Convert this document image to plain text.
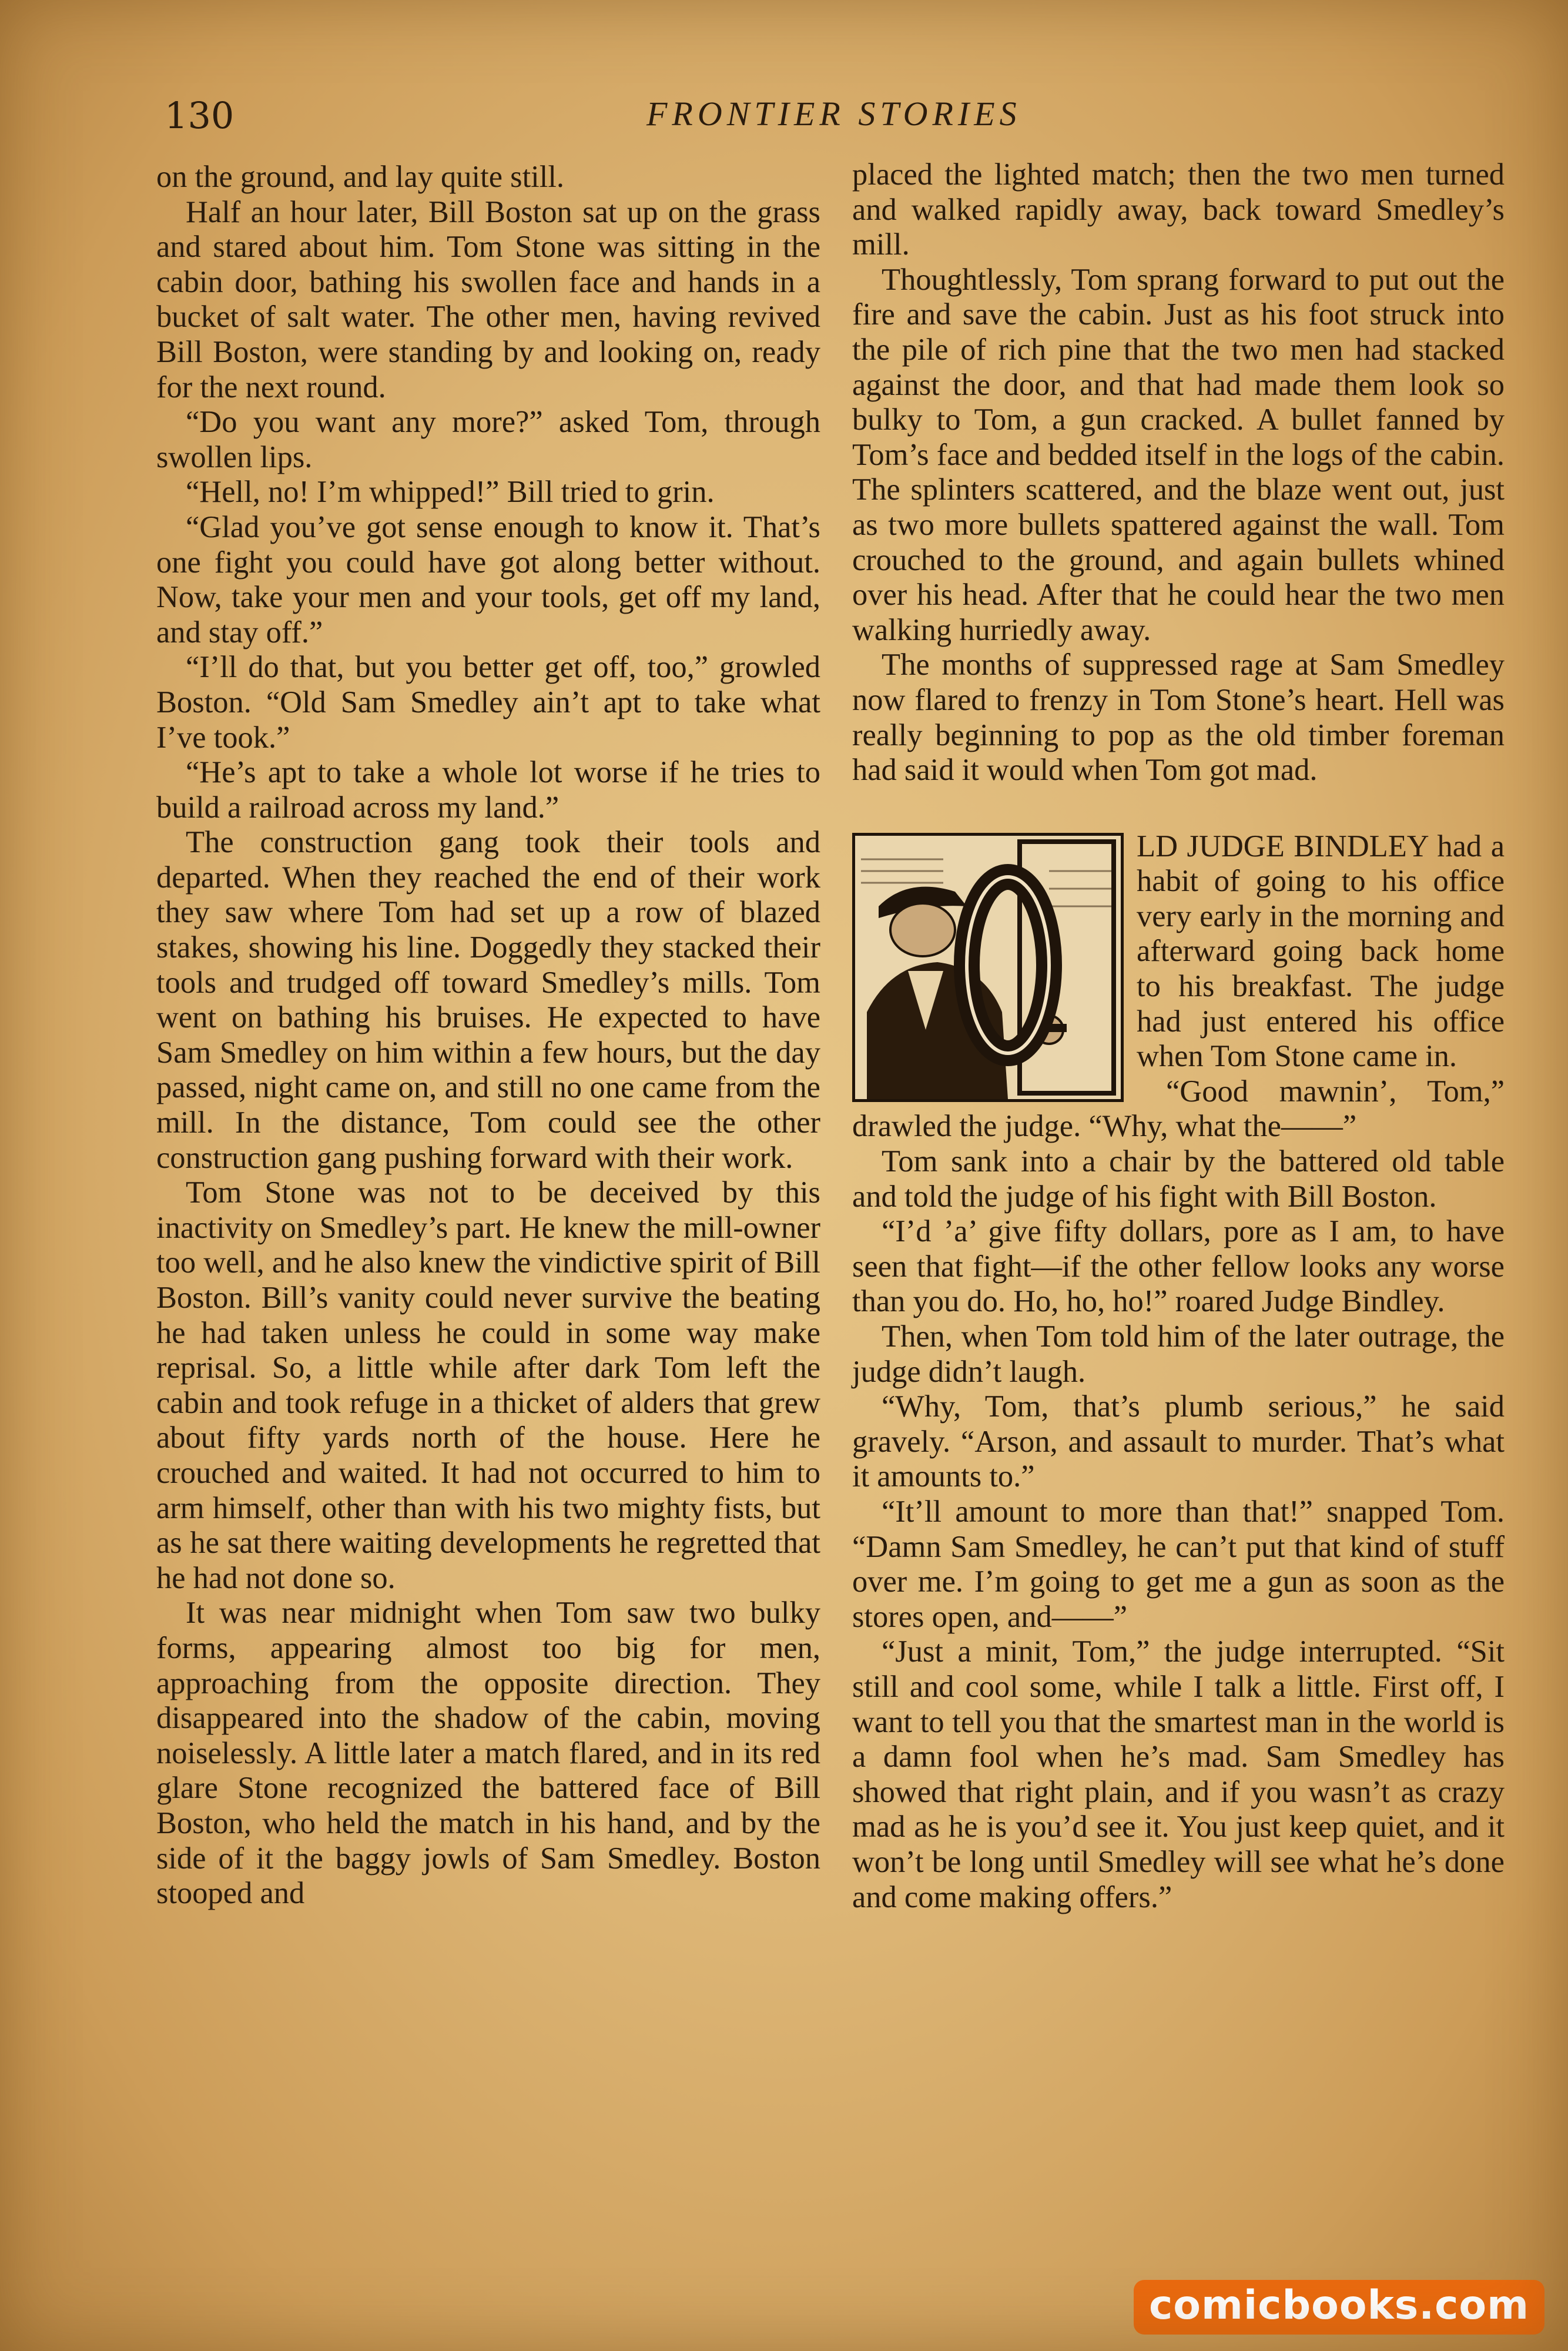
130	FRONTIER STORIES

on the ground, and lay quite still.

Half an hour later, Bill Boston sat up on the grass and stared about him. Tom Stone was sitting in the cabin door, bathing his swollen face and hands in a bucket of salt water. The other men, having revived Bill Boston, were standing by and looking on, ready for the next round.

“Do you want any more?” asked Tom, through swollen lips.

“Hell, no! I’m whipped!” Bill tried to grin.

“Glad you’ve got sense enough to know it. That’s one fight you could have got along better without. Now, take your men and your tools, get off my land, and stay off.”

“I’ll do that, but you better get off, too,” growled Boston. “Old Sam Smedley ain’t apt to take what I’ve took.”

“He’s apt to take a whole lot worse if he tries to build a railroad across my land.”

The construction gang took their tools and departed. When they reached the end of their work they saw where Tom had set up a row of blazed stakes, showing his line. Doggedly they stacked their tools and trudged off toward Smedley’s mills. Tom went on bathing his bruises. He expected to have Sam Smedley on him within a few hours, but the day passed, night came on, and still no one came from the mill. In the distance, Tom could see the other construction gang pushing forward with their work.

Tom Stone was not to be deceived by this inactivity on Smedley’s part. He knew the mill-owner too well, and he also knew the vindictive spirit of Bill Boston. Bill’s vanity could never survive the beating he had taken unless he could in some way make reprisal. So, a little while after dark Tom left the cabin and took refuge in a thicket of alders that grew about fifty yards north of the house. Here he crouched and waited. It had not occurred to him to arm himself, other than with his two mighty fists, but as he sat there waiting developments he regretted that he had not done so.

It was near midnight when Tom saw two bulky forms, appearing almost too big for men, approaching from the opposite direction. They disappeared into the shadow of the cabin, moving noiselessly. A little later a match flared, and in its red glare Stone recognized the battered face of Bill Boston, who held the match in his hand, and by the side of it the baggy jowls of Sam Smedley. Boston stooped and

placed the lighted match; then the two men turned and walked rapidly away, back toward Smedley’s mill.

Thoughtlessly, Tom sprang forward to put out the fire and save the cabin. Just as his foot struck into the pile of rich pine that the two men had stacked against the door, and that had made them look so bulky to Tom, a gun cracked. A bullet fanned by Tom’s face and bedded itself in the logs of the cabin. The splinters scattered, and the blaze went out, just as two more bullets spattered against the wall. Tom crouched to the ground, and again bullets whined over his head. After that he could hear the two men walking hurriedly away.

The months of suppressed rage at Sam Smedley now flared to frenzy in Tom Stone’s heart. Hell was really beginning to pop as the old timber foreman had said it would when Tom got mad.

LD JUDGE BINDLEY had a habit of going to his office very early in the morning and afterward going back home to his breakfast. The judge had just entered his office when Tom Stone came in.

“Good mawnin’, Tom,” drawled the judge. “Why, what the——”

Tom sank into a chair by the battered old table and told the judge of his fight with Bill Boston.

“I’d ’a’ give fifty dollars, pore as I am, to have seen that fight—if the other fellow looks any worse than you do. Ho, ho, ho!” roared Judge Bindley.

Then, when Tom told him of the later outrage, the judge didn’t laugh.

“Why, Tom, that’s plumb serious,” he said gravely. “Arson, and assault to murder. That’s what it amounts to.”

“It’ll amount to more than that!” snapped Tom. “Damn Sam Smedley, he can’t put that kind of stuff over me. I’m going to get me a gun as soon as the stores open, and——”

“Just a minit, Tom,” the judge interrupted. “Sit still and cool some, while I talk a little. First off, I want to tell you that the smartest man in the world is a damn fool when he’s mad. Sam Smedley has showed that right plain, and if you wasn’t as crazy mad as he is you’d see it. You just keep quiet, and it won’t be long until Smedley will see what he’s done and come making offers.”

comicbooks.com
